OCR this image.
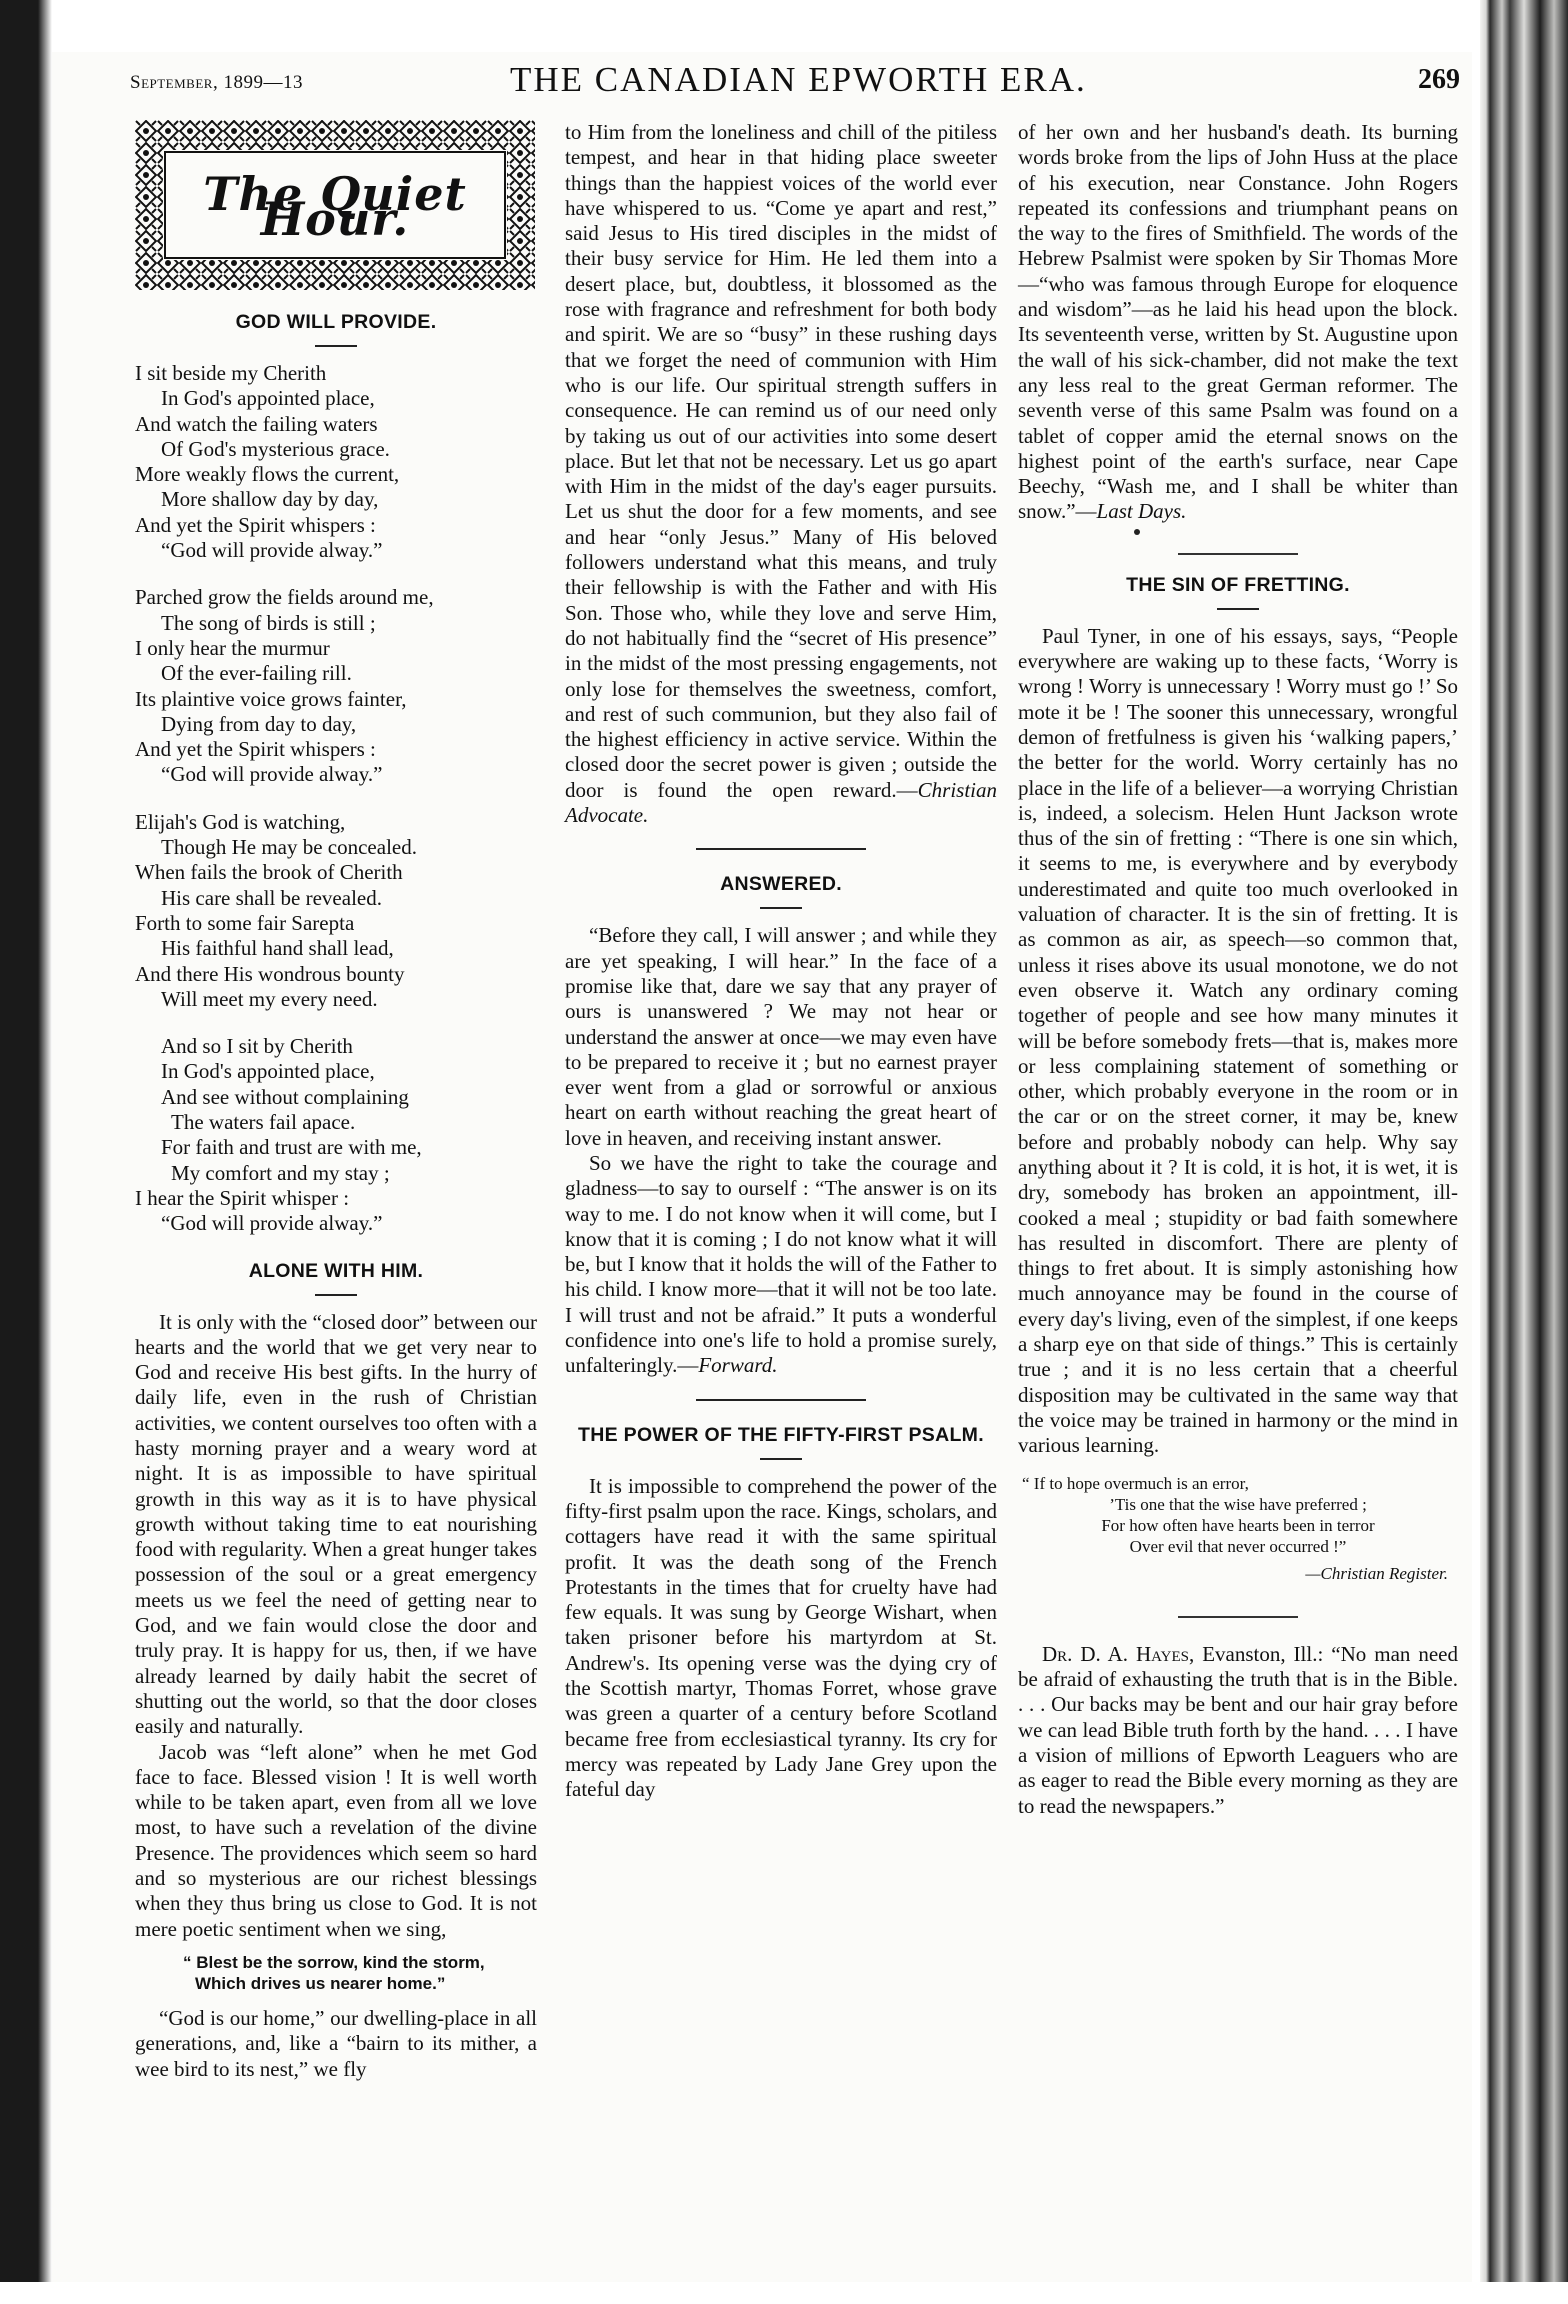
September, 1899—13	THE CANADIAN EPWORTH ERA.	269
The Quiet Hour.
GOD WILL PROVIDE.
I sit beside my Cherith
In God's appointed place,
And watch the failing waters
Of God's mysterious grace.
More weakly flows the current,
More shallow day by day,
And yet the Spirit whispers :
“God will provide alway.”
Parched grow the fields around me,
The song of birds is still ;
I only hear the murmur
Of the ever-failing rill.
Its plaintive voice grows fainter,
Dying from day to day,
And yet the Spirit whispers :
“God will provide alway.”
Elijah's God is watching,
Though He may be concealed.
When fails the brook of Cherith
His care shall be revealed.
Forth to some fair Sarepta
His faithful hand shall lead,
And there His wondrous bounty
Will meet my every need.
And so I sit by Cherith
In God's appointed place,
And see without complaining
The waters fail apace.
For faith and trust are with me,
My comfort and my stay ;
I hear the Spirit whisper :
“God will provide alway.”
ALONE WITH HIM.

It is only with the “closed door” between our hearts and the world that we get very near to God and receive His best gifts. In the hurry of daily life, even in the rush of Christian activities, we content ourselves too often with a hasty morning prayer and a weary word at night. It is as impossible to have spiritual growth in this way as it is to have physical growth without taking time to eat nourishing food with regularity. When a great hunger takes possession of the soul or a great emergency meets us we feel the need of getting near to God, and we fain would close the door and truly pray. It is happy for us, then, if we have already learned by daily habit the secret of shutting out the world, so that the door closes easily and naturally.

Jacob was “left alone” when he met God face to face. Blessed vision ! It is well worth while to be taken apart, even from all we love most, to have such a revelation of the divine Presence. The providences which seem so hard and so mysterious are our richest blessings when they thus bring us close to God. It is not mere poetic sentiment when we sing,

“ Blest be the sorrow, kind the storm,
Which drives us nearer home.”

“God is our home,” our dwelling-place in all generations, and, like a “bairn to its mither, a wee bird to its nest,” we fly

to Him from the loneliness and chill of the pitiless tempest, and hear in that hiding place sweeter things than the happiest voices of the world ever have whispered to us. “Come ye apart and rest,” said Jesus to His tired disciples in the midst of their busy service for Him. He led them into a desert place, but, doubtless, it blossomed as the rose with fragrance and refreshment for both body and spirit. We are so “busy” in these rushing days that we forget the need of communion with Him who is our life. Our spiritual strength suffers in consequence. He can remind us of our need only by taking us out of our activities into some desert place. But let that not be necessary. Let us go apart with Him in the midst of the day's eager pursuits. Let us shut the door for a few moments, and see and hear “only Jesus.” Many of His beloved followers understand what this means, and truly their fellowship is with the Father and with His Son. Those who, while they love and serve Him, do not habitually find the “secret of His presence” in the midst of the most pressing engagements, not only lose for themselves the sweetness, comfort, and rest of such communion, but they also fail of the highest efficiency in active service. Within the closed door the secret power is given ; outside the door is found the open reward.—Christian Advocate.

ANSWERED.

“Before they call, I will answer ; and while they are yet speaking, I will hear.” In the face of a promise like that, dare we say that any prayer of ours is unanswered ? We may not hear or understand the answer at once—we may even have to be prepared to receive it ; but no earnest prayer ever went from a glad or sorrowful or anxious heart on earth without reaching the great heart of love in heaven, and receiving instant answer.

So we have the right to take the courage and gladness—to say to ourself : “The answer is on its way to me. I do not know when it will come, but I know that it is coming ; I do not know what it will be, but I know that it holds the will of the Father to his child. I know more—that it will not be too late. I will trust and not be afraid.” It puts a wonderful confidence into one's life to hold a promise surely, unfalteringly.—Forward.

THE POWER OF THE FIFTY-FIRST PSALM.

It is impossible to comprehend the power of the fifty-first psalm upon the race. Kings, scholars, and cottagers have read it with the same spiritual profit. It was the death song of the French Protestants in the times that for cruelty have had few equals. It was sung by George Wishart, when taken prisoner before his martyrdom at St. Andrew's. Its opening verse was the dying cry of the Scottish martyr, Thomas Forret, whose grave was green a quarter of a century before Scotland became free from ecclesiastical tyranny. Its cry for mercy was repeated by Lady Jane Grey upon the fateful day

of her own and her husband's death. Its burning words broke from the lips of John Huss at the place of his execution, near Constance. John Rogers repeated its confessions and triumphant peans on the way to the fires of Smithfield. The words of the Hebrew Psalmist were spoken by Sir Thomas More—“who was famous through Europe for eloquence and wisdom”—as he laid his head upon the block. Its seventeenth verse, written by St. Augustine upon the wall of his sick-chamber, did not make the text any less real to the great German reformer. The seventh verse of this same Psalm was found on a tablet of copper amid the eternal snows on the highest point of the earth's surface, near Cape Beechy, “Wash me, and I shall be whiter than snow.”—Last Days.

THE SIN OF FRETTING.

Paul Tyner, in one of his essays, says, “People everywhere are waking up to these facts, ‘Worry is wrong ! Worry is unnecessary ! Worry must go !’ So mote it be ! The sooner this unnecessary, wrongful demon of fretfulness is given his ‘walking papers,’ the better for the world. Worry certainly has no place in the life of a believer—a worrying Christian is, indeed, a solecism. Helen Hunt Jackson wrote thus of the sin of fretting : “There is one sin which, it seems to me, is everywhere and by everybody underestimated and quite too much overlooked in valuation of character. It is the sin of fretting. It is as common as air, as speech—so common that, unless it rises above its usual monotone, we do not even observe it. Watch any ordinary coming together of people and see how many minutes it will be before somebody frets—that is, makes more or less complaining statement of something or other, which probably everyone in the room or in the car or on the street corner, it may be, knew before and probably nobody can help. Why say anything about it ? It is cold, it is hot, it is wet, it is dry, somebody has broken an appointment, ill-cooked a meal ; stupidity or bad faith somewhere has resulted in discomfort. There are plenty of things to fret about. It is simply astonishing how much annoyance may be found in the course of every day's living, even of the simplest, if one keeps a sharp eye on that side of things.” This is certainly true ; and it is no less certain that a cheerful disposition may be cultivated in the same way that the voice may be trained in harmony or the mind in various learning.

“ If to hope overmuch is an error,
’Tis one that the wise have preferred ;
For how often have hearts been in terror
Over evil that never occurred !”
—Christian Register.

Dr. D. A. Hayes, Evanston, Ill.: “No man need be afraid of exhausting the truth that is in the Bible. . . . Our backs may be bent and our hair gray before we can lead Bible truth forth by the hand. . . . I have a vision of millions of Epworth Leaguers who are as eager to read the Bible every morning as they are to read the newspapers.”
